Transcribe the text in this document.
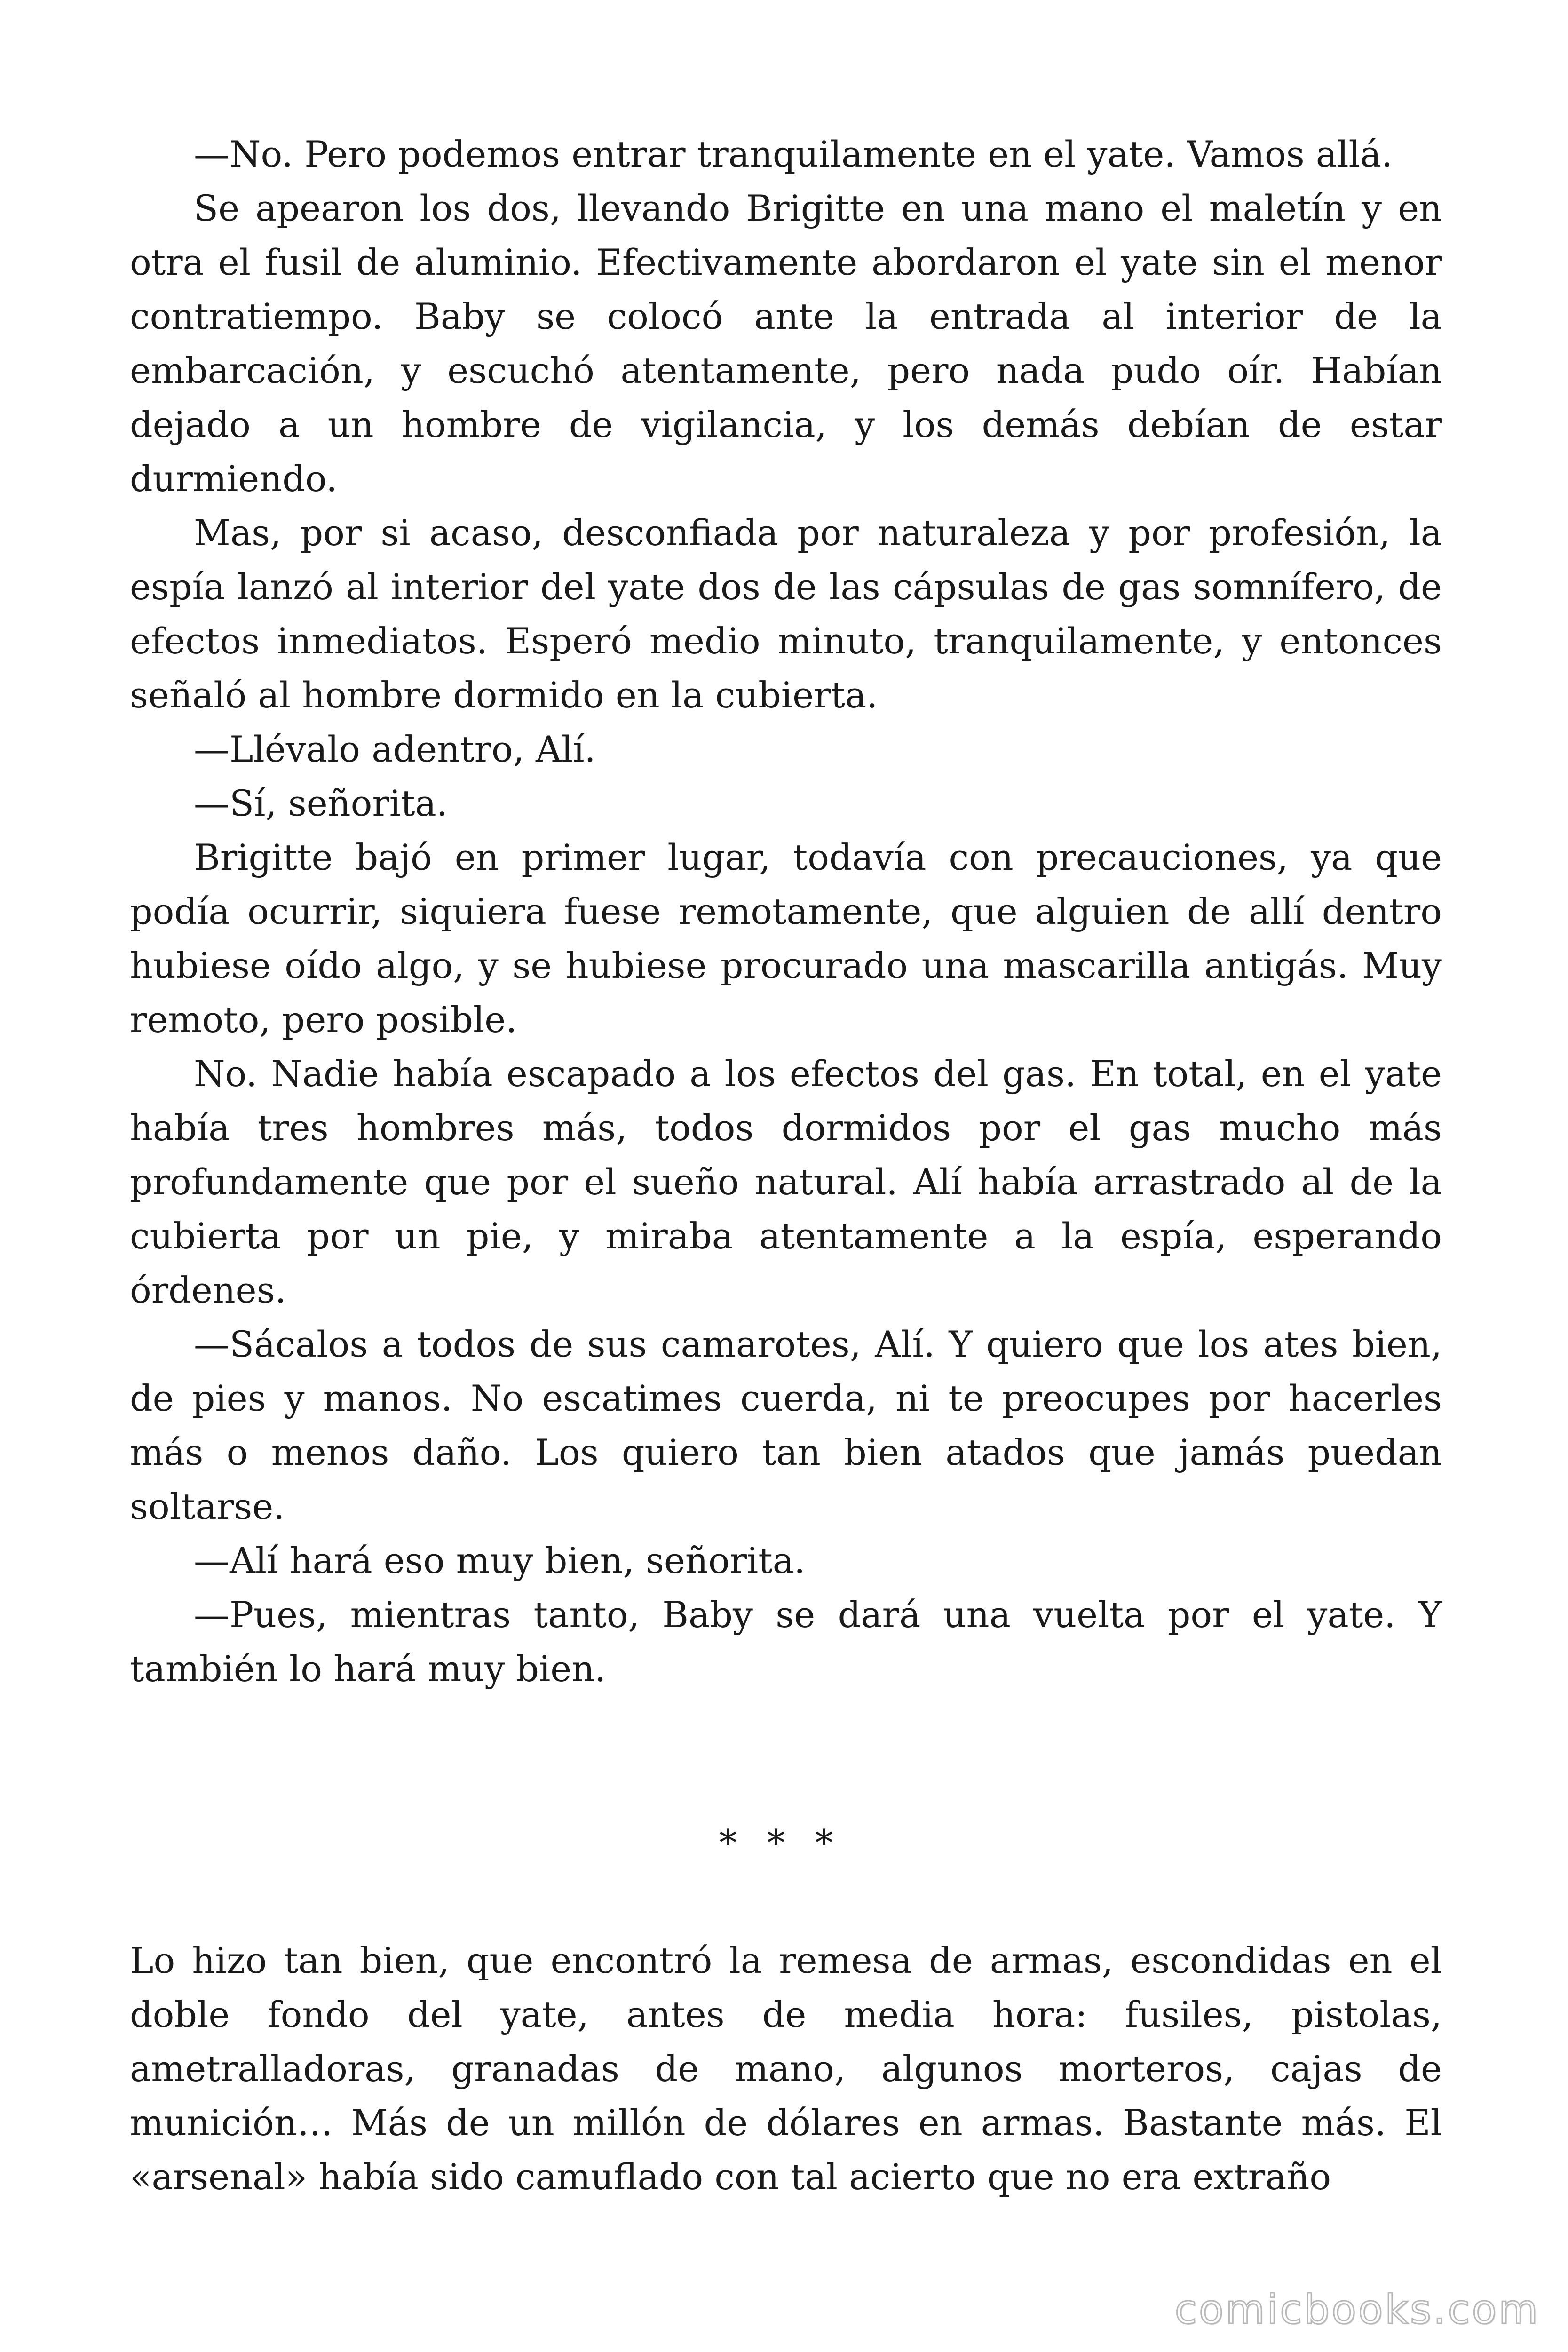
—No. Pero podemos entrar tranquilamente en el yate. Vamos allá.

Se apearon los dos, llevando Brigitte en una mano el maletín y en otra el fusil de aluminio. Efectivamente abordaron el yate sin el menor contratiempo. Baby se colocó ante la entrada al interior de la embarcación, y escuchó atentamente, pero nada pudo oír. Habían dejado a un hombre de vigilancia, y los demás debían de estar durmiendo.

Mas, por si acaso, desconfiada por naturaleza y por profesión, la espía lanzó al interior del yate dos de las cápsulas de gas somnífero, de efectos inmediatos. Esperó medio minuto, tranquilamente, y entonces señaló al hombre dormido en la cubierta.

—Llévalo adentro, Alí.

—Sí, señorita.

Brigitte bajó en primer lugar, todavía con precauciones, ya que podía ocurrir, siquiera fuese remotamente, que alguien de allí dentro hubiese oído algo, y se hubiese procurado una mascarilla antigás. Muy remoto, pero posible.

No. Nadie había escapado a los efectos del gas. En total, en el yate había tres hombres más, todos dormidos por el gas mucho más profundamente que por el sueño natural. Alí había arrastrado al de la cubierta por un pie, y miraba atentamente a la espía, esperando órdenes.

—Sácalos a todos de sus camarotes, Alí. Y quiero que los ates bien, de pies y manos. No escatimes cuerda, ni te preocupes por hacerles más o menos daño. Los quiero tan bien atados que jamás puedan soltarse.

—Alí hará eso muy bien, señorita.

—Pues, mientras tanto, Baby se dará una vuelta por el yate. Y también lo hará muy bien.

* * *

Lo hizo tan bien, que encontró la remesa de armas, escondidas en el doble fondo del yate, antes de media hora: fusiles, pistolas, ametralladoras, granadas de mano, algunos morteros, cajas de munición… Más de un millón de dólares en armas. Bastante más. El «arsenal» había sido camuflado con tal acierto que no era extraño

comicbooks.com
